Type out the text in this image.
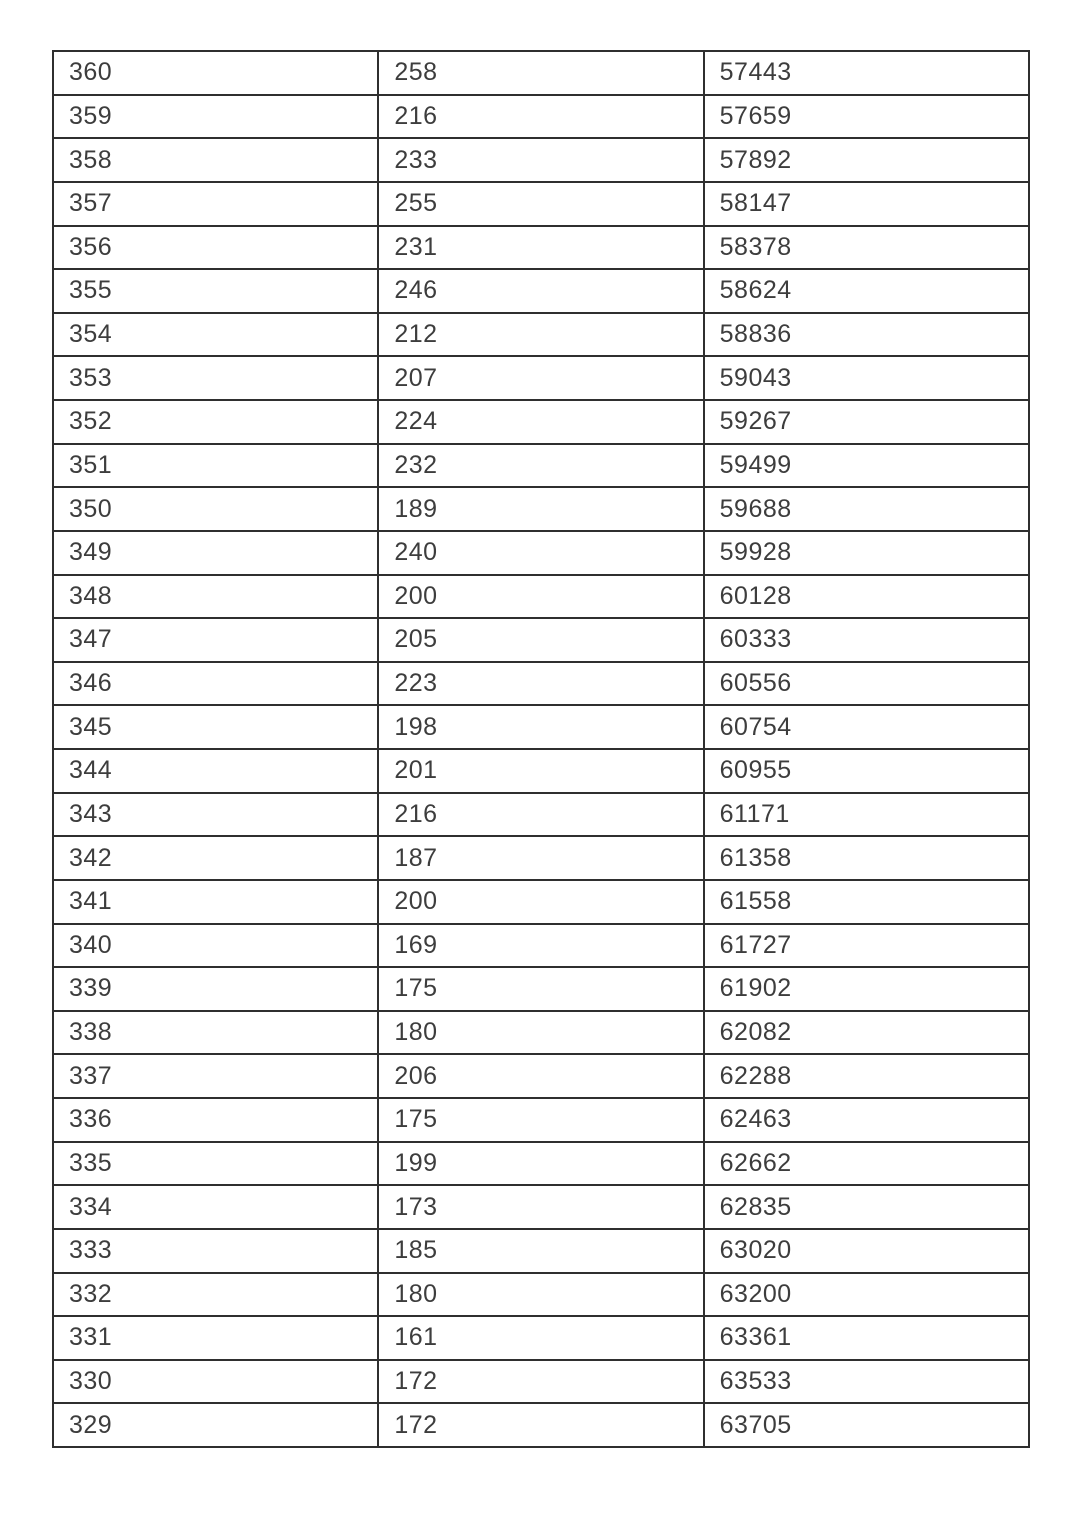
360	258	57443
359	216	57659
358	233	57892
357	255	58147
356	231	58378
355	246	58624
354	212	58836
353	207	59043
352	224	59267
351	232	59499
350	189	59688
349	240	59928
348	200	60128
347	205	60333
346	223	60556
345	198	60754
344	201	60955
343	216	61171
342	187	61358
341	200	61558
340	169	61727
339	175	61902
338	180	62082
337	206	62288
336	175	62463
335	199	62662
334	173	62835
333	185	63020
332	180	63200
331	161	63361
330	172	63533
329	172	63705
